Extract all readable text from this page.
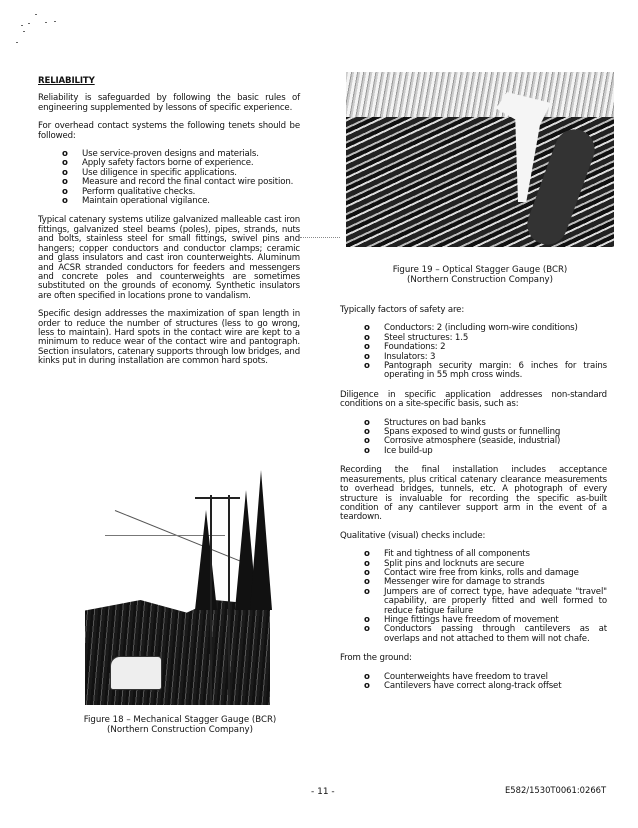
RELIABILITY

Reliability is safeguarded by following the basic rules of engineering supplemented by lessons of specific experience.

For overhead contact systems the following tenets should be followed:

o Use service-proven designs and materials.
o Apply safety factors borne of experience.
o Use diligence in specific applications.
o Measure and record the final contact wire position.
o Perform qualitative checks.
o Maintain operational vigilance.

Typical catenary systems utilize galvanized malleable cast iron fittings, galvanized steel beams (poles), pipes, strands, nuts and bolts, stainless steel for small fittings, swivel pins and hangers; copper conductors and conductor clamps; ceramic and glass insulators and cast iron counterweights. Aluminum and ACSR stranded conductors for feeders and messengers and concrete poles and counterweights are sometimes substituted on the grounds of economy. Synthetic insulators are often specified in locations prone to vandalism.

Specific design addresses the maximization of span length in order to reduce the number of structures (less to go wrong, less to maintain). Hard spots in the contact wire are kept to a minimum to reduce wear of the contact wire and pantograph. Section insulators, catenary supports through low bridges, and kinks put in during installation are common hard spots.

Figure 18 – Mechanical Stagger Gauge (BCR)
(Northern Construction Company)
Figure 19 – Optical Stagger Gauge (BCR)
(Northern Construction Company)

Typically factors of safety are:

o Conductors: 2 (including worn-wire conditions)
o Steel structures: 1.5
o Foundations: 2
o Insulators: 3
o Pantograph security margin: 6 inches for trains operating in 55 mph cross winds.

Diligence in specific application addresses non-standard conditions on a site-specific basis, such as:

o Structures on bad banks
o Spans exposed to wind gusts or funnelling
o Corrosive atmosphere (seaside, industrial)
o Ice build-up

Recording the final installation includes acceptance measurements, plus critical catenary clearance measurements to overhead bridges, tunnels, etc. A photograph of every structure is invaluable for recording the specific as-built condition of any cantilever support arm in the event of a teardown.

Qualitative (visual) checks include:

o Fit and tightness of all components
o Split pins and locknuts are secure
o Contact wire free from kinks, rolls and damage
o Messenger wire for damage to strands
o Jumpers are of correct type, have adequate "travel" capability, are properly fitted and well formed to reduce fatigue failure
o Hinge fittings have freedom of movement
o Conductors passing through cantilevers as at overlaps and not attached to them will not chafe.

From the ground:

o Counterweights have freedom to travel
o Cantilevers have correct along-track offset
- 11 -	E582/1530T0061:0266T
